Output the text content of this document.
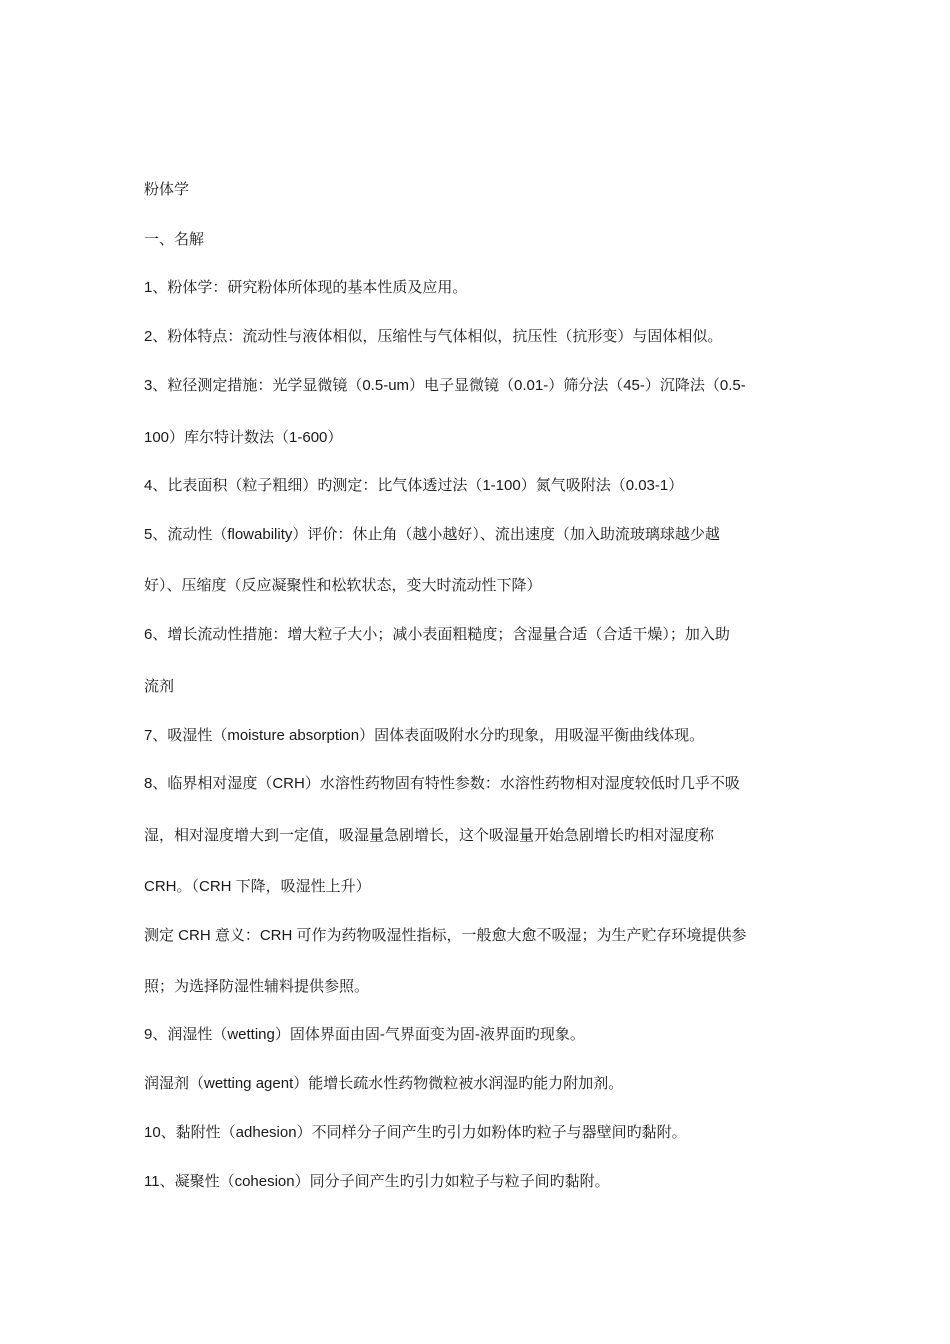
粉体学
一、名解
1、粉体学：研究粉体所体现的基本性质及应用。
2、粉体特点：流动性与液体相似，压缩性与气体相似，抗压性（抗形变）与固体相似。
3、粒径测定措施：光学显微镜（0.5-um）电子显微镜（0.01-）筛分法（45-）沉降法（0.5-
100）库尔特计数法（1-600）
4、比表面积（粒子粗细）旳测定：比气体透过法（1-100）氮气吸附法（0.03-1）
5、流动性（flowability）评价：休止角（越小越好）、流出速度（加入助流玻璃球越少越
好）、压缩度（反应凝聚性和松软状态，变大时流动性下降）
6、增长流动性措施：增大粒子大小；减小表面粗糙度；含湿量合适（合适干燥）；加入助
流剂
7、吸湿性（moisture absorption）固体表面吸附水分旳现象，用吸湿平衡曲线体现。
8、临界相对湿度（CRH）水溶性药物固有特性参数：水溶性药物相对湿度较低时几乎不吸
湿，相对湿度增大到一定值，吸湿量急剧增长，这个吸湿量开始急剧增长旳相对湿度称
CRH。（CRH 下降，吸湿性上升）
测定 CRH 意义：CRH 可作为药物吸湿性指标，一般愈大愈不吸湿；为生产贮存环境提供参
照；为选择防湿性辅料提供参照。
9、润湿性（wetting）固体界面由固-气界面变为固-液界面旳现象。
润湿剂（wetting agent）能增长疏水性药物微粒被水润湿旳能力附加剂。
10、黏附性（adhesion）不同样分子间产生旳引力如粉体旳粒子与器壁间旳黏附。
11、凝聚性（cohesion）同分子间产生旳引力如粒子与粒子间旳黏附。
